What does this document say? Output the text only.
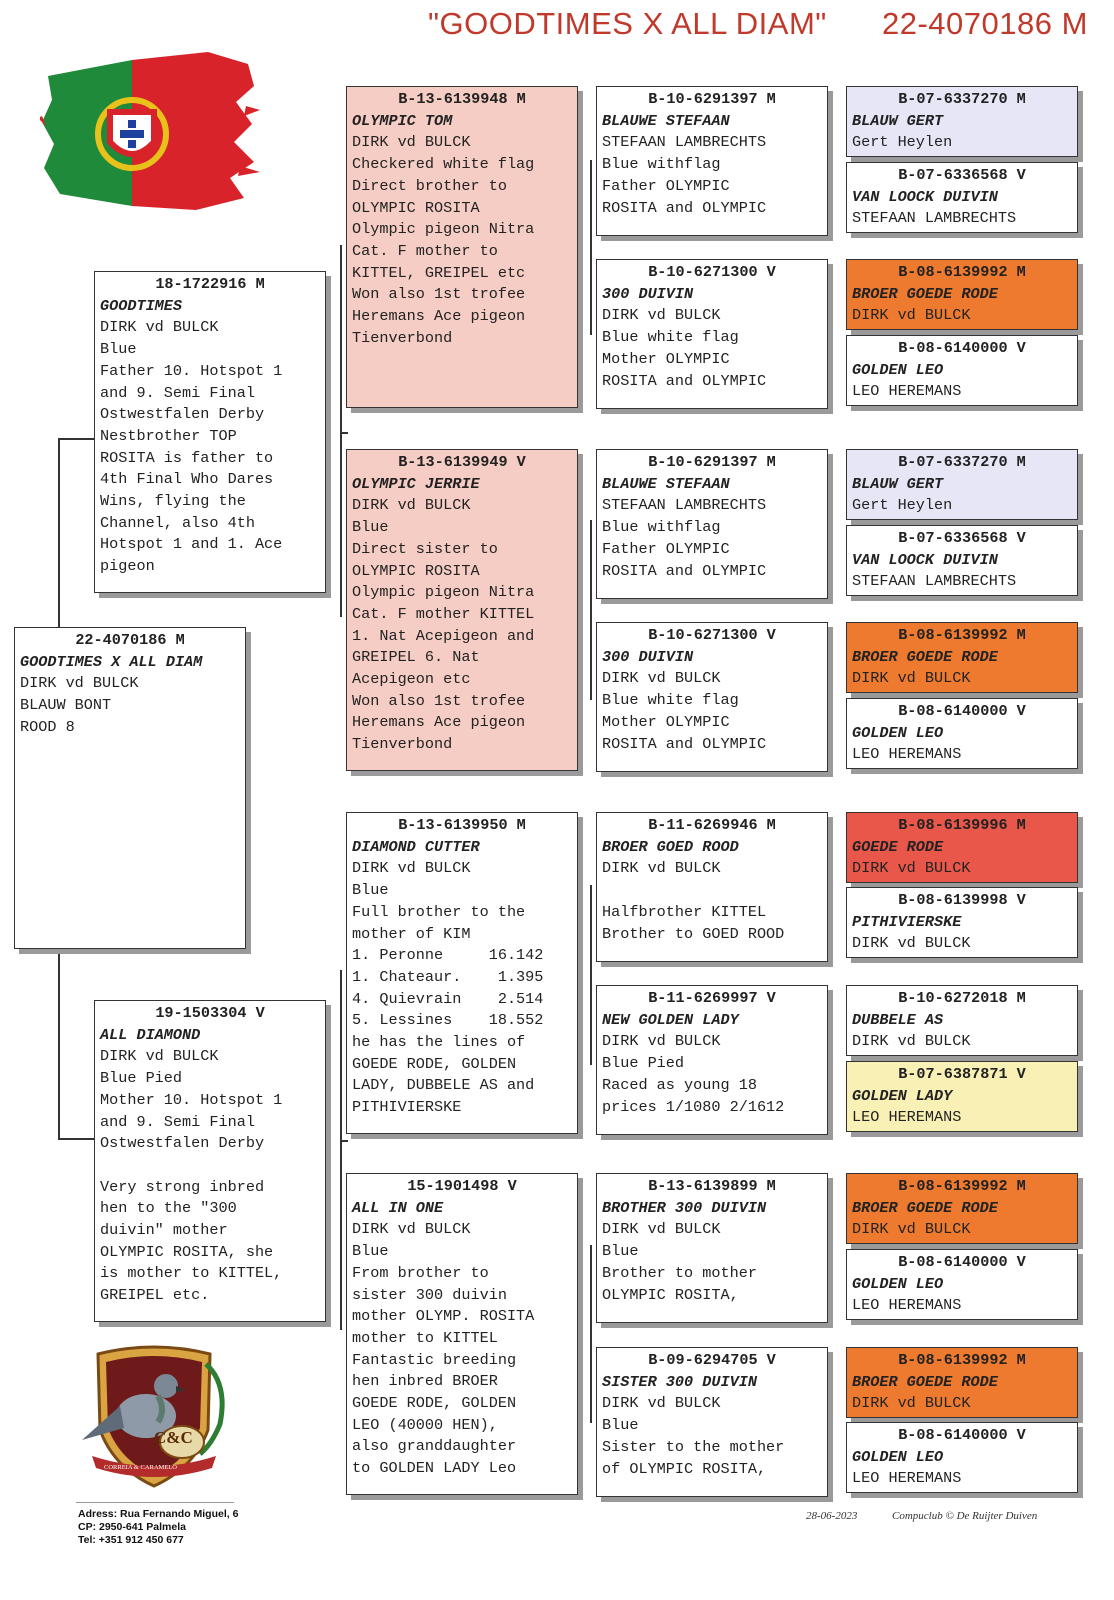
"GOODTIMES X ALL DIAM" 22-4070186 M
22-4070186 M
GOODTIMES X ALL DIAM
DIRK vd BULCK
BLAUW BONT
ROOD 8
18-1722916 M
GOODTIMES
DIRK vd BULCK
Blue
Father 10. Hotspot 1
and 9. Semi Final
Ostwestfalen Derby
Nestbrother TOP
ROSITA is father to
4th Final Who Dares
Wins, flying the
Channel, also 4th
Hotspot 1 and 1. Ace
pigeon
19-1503304 V
ALL DIAMOND
DIRK vd BULCK
Blue Pied
Mother 10. Hotspot 1
and 9. Semi Final
Ostwestfalen Derby

Very strong inbred
hen to the "300
duivin" mother
OLYMPIC ROSITA, she
is mother to KITTEL,
GREIPEL etc.
B-13-6139948 M
OLYMPIC TOM
DIRK vd BULCK
Checkered white flag
Direct brother to
OLYMPIC ROSITA
Olympic pigeon Nitra
Cat. F mother to
KITTEL, GREIPEL etc
Won also 1st trofee
Heremans Ace pigeon
Tienverbond
B-13-6139949 V
OLYMPIC JERRIE
DIRK vd BULCK
Blue
Direct sister to
OLYMPIC ROSITA
Olympic pigeon Nitra
Cat. F mother KITTEL
1. Nat Acepigeon and
GREIPEL 6. Nat
Acepigeon etc
Won also 1st trofee
Heremans Ace pigeon
Tienverbond
B-13-6139950 M
DIAMOND CUTTER
DIRK vd BULCK
Blue
Full brother to the
mother of KIM
1. Peronne     16.142
1. Chateaur.    1.395
4. Quievrain    2.514
5. Lessines    18.552
he has the lines of
GOEDE RODE, GOLDEN
LADY, DUBBELE AS and
PITHIVIERSKE
15-1901498 V
ALL IN ONE
DIRK vd BULCK
Blue
From brother to
sister 300 duivin
mother OLYMP. ROSITA
mother to KITTEL
Fantastic breeding
hen inbred BROER
GOEDE RODE, GOLDEN
LEO (40000 HEN),
also granddaughter
to GOLDEN LADY Leo
B-10-6291397 M
BLAUWE STEFAAN
STEFAAN LAMBRECHTS
Blue withflag
Father OLYMPIC
ROSITA and OLYMPIC
B-10-6271300 V
300 DUIVIN
DIRK vd BULCK
Blue white flag
Mother OLYMPIC
ROSITA and OLYMPIC
B-10-6291397 M
BLAUWE STEFAAN
STEFAAN LAMBRECHTS
Blue withflag
Father OLYMPIC
ROSITA and OLYMPIC
B-10-6271300 V
300 DUIVIN
DIRK vd BULCK
Blue white flag
Mother OLYMPIC
ROSITA and OLYMPIC
B-11-6269946 M
BROER GOED ROOD
DIRK vd BULCK

Halfbrother KITTEL
Brother to GOED ROOD
B-11-6269997 V
NEW GOLDEN LADY
DIRK vd BULCK
Blue Pied
Raced as young 18
prices 1/1080 2/1612
B-13-6139899 M
BROTHER 300 DUIVIN
DIRK vd BULCK
Blue
Brother to mother
OLYMPIC ROSITA,
B-09-6294705 V
SISTER 300 DUIVIN
DIRK vd BULCK
Blue
Sister to the mother
of OLYMPIC ROSITA,
B-07-6337270 M
BLAUW GERT
Gert Heylen
B-07-6336568 V
VAN LOOCK DUIVIN
STEFAAN LAMBRECHTS
B-08-6139992 M
BROER GOEDE RODE
DIRK vd BULCK
B-08-6140000 V
GOLDEN LEO
LEO HEREMANS
B-07-6337270 M
BLAUW GERT
Gert Heylen
B-07-6336568 V
VAN LOOCK DUIVIN
STEFAAN LAMBRECHTS
B-08-6139992 M
BROER GOEDE RODE
DIRK vd BULCK
B-08-6140000 V
GOLDEN LEO
LEO HEREMANS
B-08-6139996 M
GOEDE RODE
DIRK vd BULCK
B-08-6139998 V
PITHIVIERSKE
DIRK vd BULCK
B-10-6272018 M
DUBBELE AS
DIRK vd BULCK
B-07-6387871 V
GOLDEN LADY
LEO HEREMANS
B-08-6139992 M
BROER GOEDE RODE
DIRK vd BULCK
B-08-6140000 V
GOLDEN LEO
LEO HEREMANS
B-08-6139992 M
BROER GOEDE RODE
DIRK vd BULCK
B-08-6140000 V
GOLDEN LEO
LEO HEREMANS
C&C
CORREIA & CARAMELO
Adress: Rua Fernando Miguel, 6
CP: 2950-641 Palmela
Tel: +351 912 450 677
28-06-2023	Compuclub © De Ruijter Duiven
